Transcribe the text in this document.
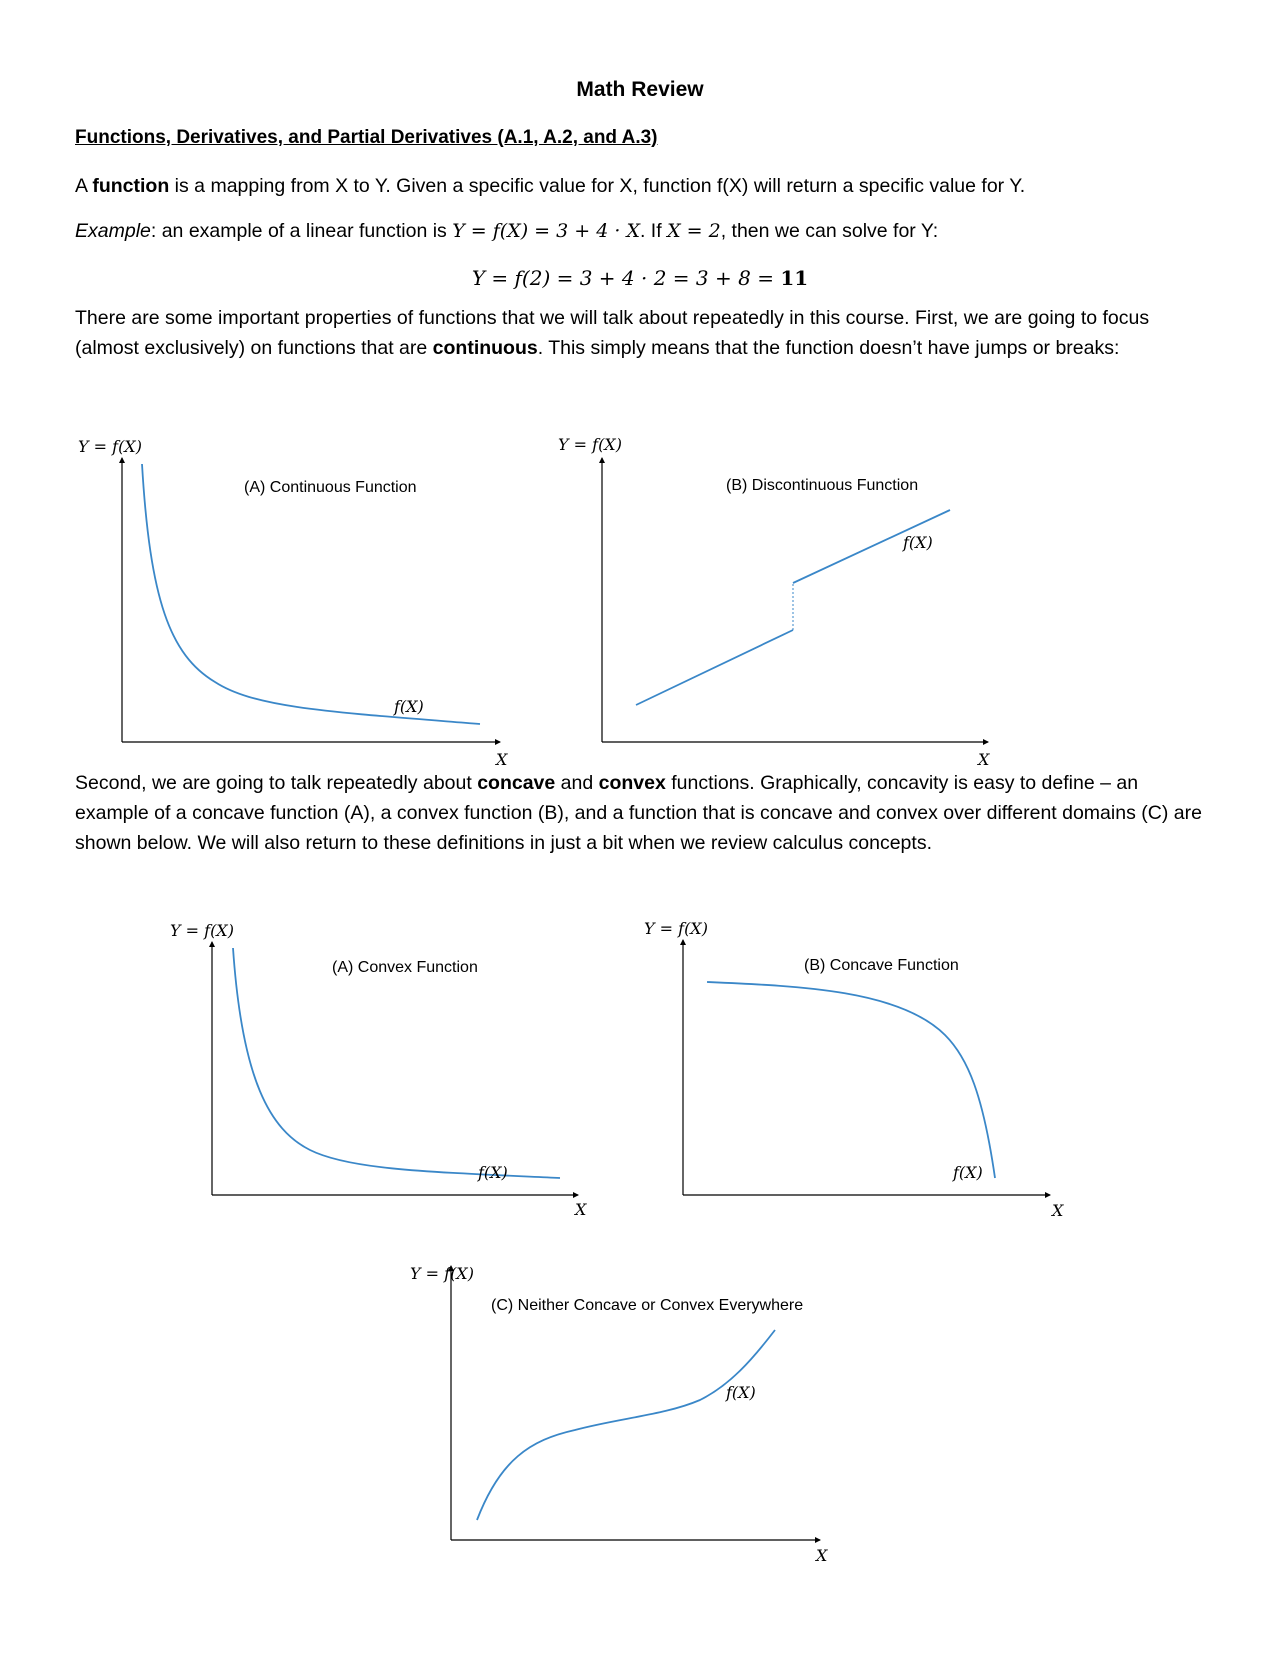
Math Review
Functions, Derivatives, and Partial Derivatives (A.1, A.2, and A.3)
A function is a mapping from X to Y. Given a specific value for X, function f(X) will return a specific value for Y.
Example: an example of a linear function is Y = f(X) = 3 + 4 · X. If X = 2, then we can solve for Y:
Y = f(2) = 3 + 4 · 2 = 3 + 8 = 11
There are some important properties of functions that we will talk about repeatedly in this course. First, we are going to focus (almost exclusively) on functions that are continuous. This simply means that the function doesn’t have jumps or breaks:
Second, we are going to talk repeatedly about concave and convex functions. Graphically, concavity is easy to define – an example of a concave function (A), a convex function (B), and a function that is concave and convex over different domains (C) are shown below. We will also return to these definitions in just a bit when we review calculus concepts.
Y = f(X)
X
(A) Continuous Function
f(X)
Y = f(X)
X
(B) Discontinuous Function
f(X)
Y = f(X)
X
(A) Convex Function
f(X)
Y = f(X)
X
(B) Concave Function
f(X)
Y = f(X)
X
(C) Neither Concave or Convex Everywhere
f(X)
